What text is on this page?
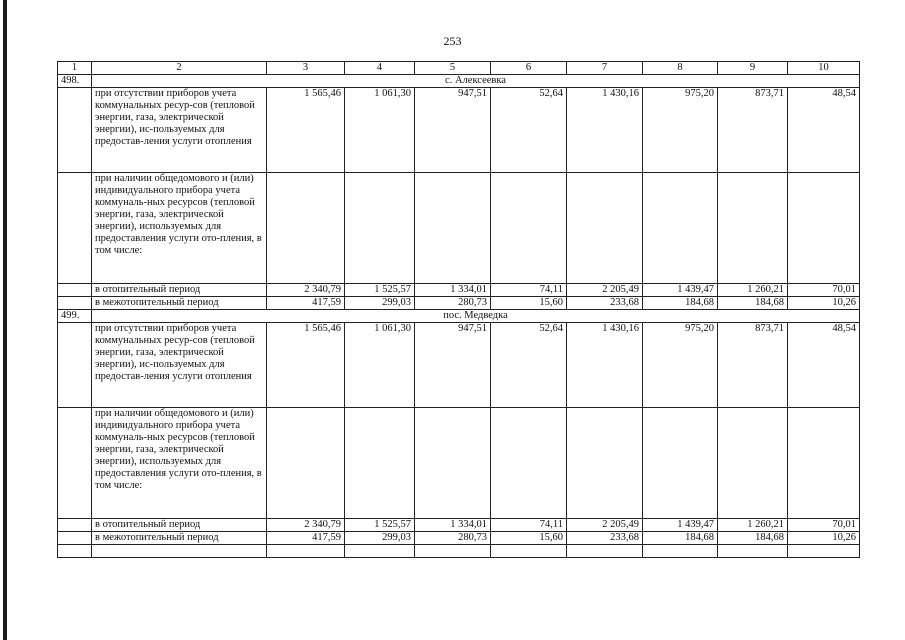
253
1	2	3	4	5	6	7	8	9	10
498.	с. Алексеевка								
	при отсутствии приборов учета коммунальных ресур-сов (тепловой энергии, газа, электрической энергии), ис-пользуемых для предостав-ления услуги отопления	1 565,46	1 061,30	947,51	52,64	1 430,16	975,20	873,71	48,54
	при наличии общедомового и (или) индивидуального прибора учета коммуналь-ных ресурсов (тепловой энергии, газа, электрической энергии), используемых для предоставления услуги ото-пления, в том числе:								
	в отопительный период	2 340,79	1 525,57	1 334,01	74,11	2 205,49	1 439,47	1 260,21	70,01
	в межотопительный период	417,59	299,03	280,73	15,60	233,68	184,68	184,68	10,26
499.	пос. Медведка								
	при отсутствии приборов учета коммунальных ресур-сов (тепловой энергии, газа, электрической энергии), ис-пользуемых для предостав-ления услуги отопления	1 565,46	1 061,30	947,51	52,64	1 430,16	975,20	873,71	48,54
	при наличии общедомового и (или) индивидуального прибора учета коммуналь-ных ресурсов (тепловой энергии, газа, электрической энергии), используемых для предоставления услуги ото-пления, в том числе:								
	в отопительный период	2 340,79	1 525,57	1 334,01	74,11	2 205,49	1 439,47	1 260,21	70,01
	в межотопительный период	417,59	299,03	280,73	15,60	233,68	184,68	184,68	10,26
